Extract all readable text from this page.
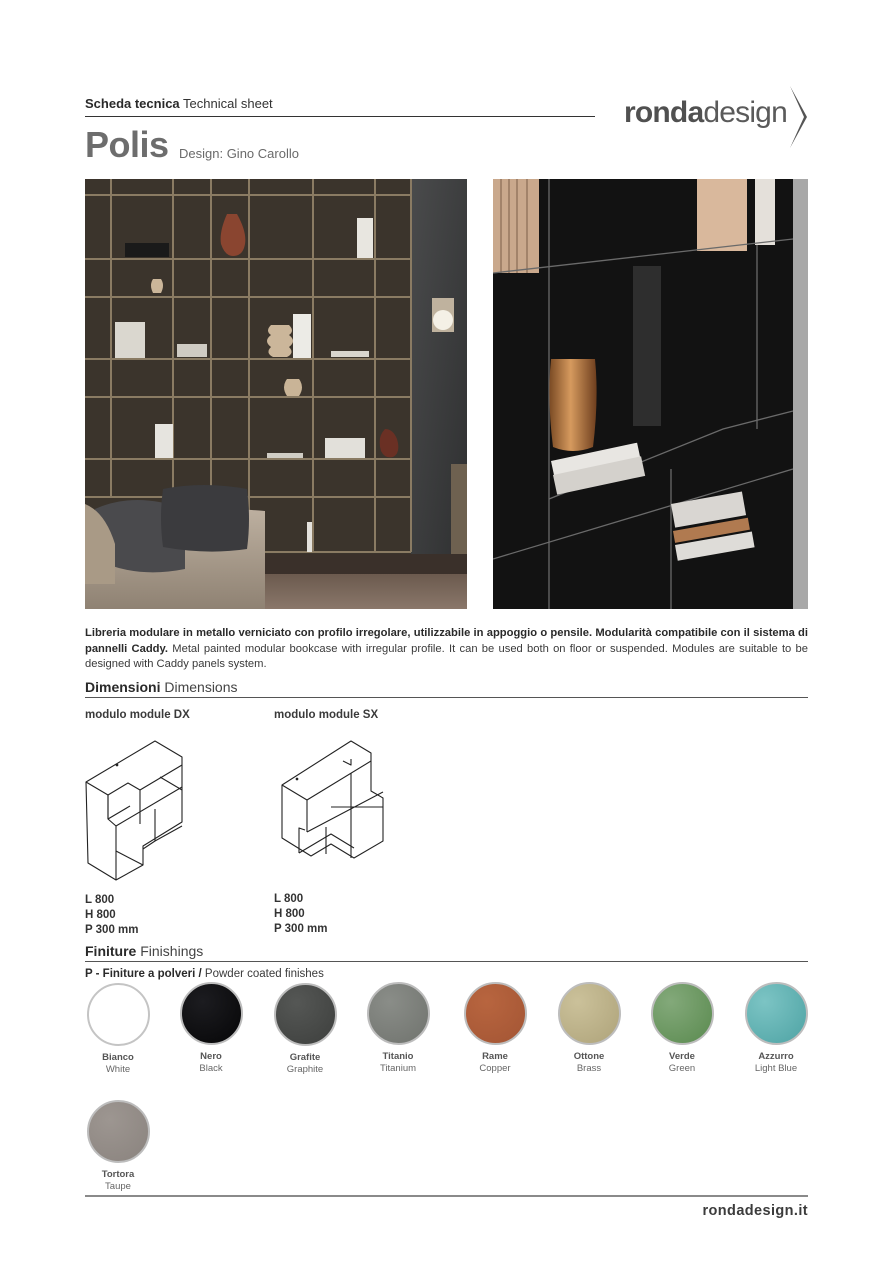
Scheda tecnica Technical sheet
Polis Design: Gino Carollo
rondadesign
Libreria modulare in metallo verniciato con profilo irregolare, utilizzabile in appoggio o pensile. Modularità compatibile con il sistema di pannelli Caddy. Metal painted modular bookcase with irregular profile. It can be used both on floor or suspended. Modules are suitable to be designed with Caddy panels system.
Dimensioni Dimensions
modulo module DX	modulo module SX
L 800
H 800
P 300 mm
L 800
H 800
P 300 mm
Finiture Finishings
P - Finiture a polveri / Powder coated finishes
Bianco
White
Nero
Black
Grafite
Graphite
Titanio
Titanium
Rame
Copper
Ottone
Brass
Verde
Green
Azzurro
Light Blue
Tortora
Taupe
rondadesign.it
